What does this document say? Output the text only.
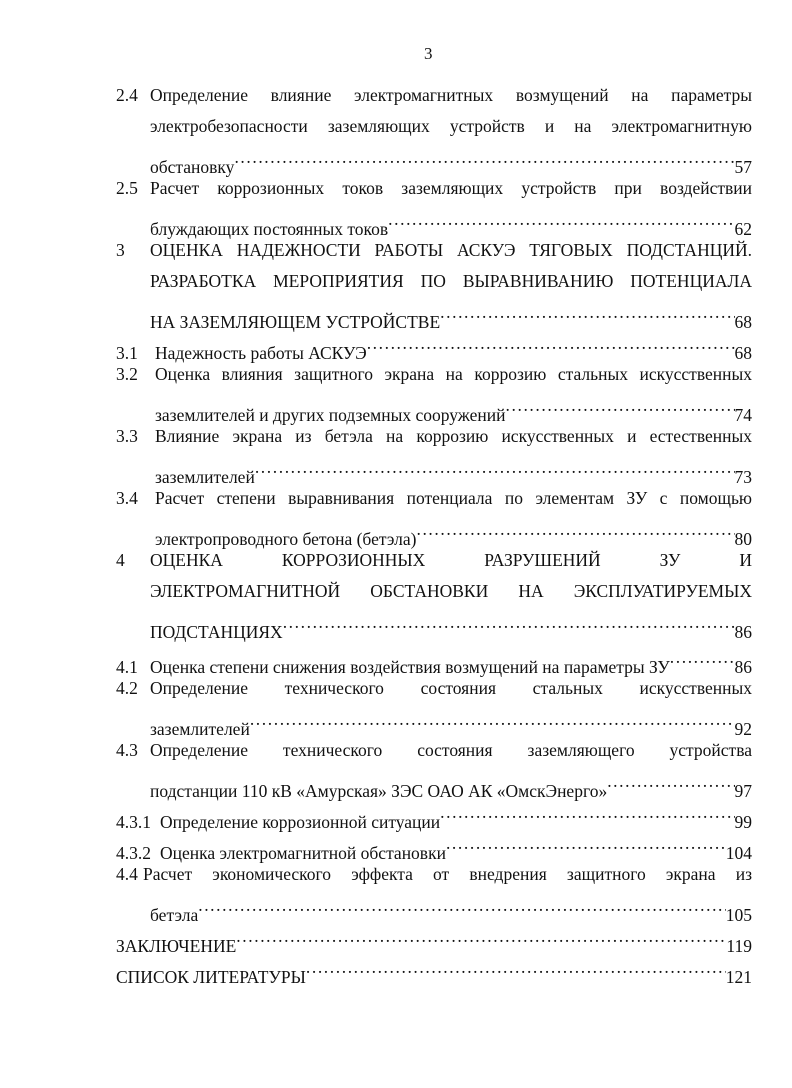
3
2.4 Определение влияние электромагнитных возмущений на параметры
электробезопасности заземляющих устройств и на электромагнитную
обстановку .....	57
2.5 Расчет коррозионных токов заземляющих устройств при воздействии
блуждающих постоянных токов .....	62
3	ОЦЕНКА НАДЕЖНОСТИ РАБОТЫ АСКУЭ ТЯГОВЫХ ПОДСТАНЦИЙ.
РАЗРАБОТКА МЕРОПРИЯТИЯ ПО ВЫРАВНИВАНИЮ ПОТЕНЦИАЛА
НА ЗАЗЕМЛЯЮЩЕМ УСТРОЙСТВЕ .....	68
3.1 Надежность работы АСКУЭ .....	68
3.2 Оценка влияния защитного экрана на коррозию стальных искусственных
заземлителей и других подземных сооружений .....	74
3.3 Влияние экрана из бетэла на коррозию искусственных и естественных
заземлителей .....	73
3.4 Расчет степени выравнивания потенциала по элементам ЗУ с помощью
электропроводного бетона (бетэла) .....	80
4	ОЦЕНКА КОРРОЗИОННЫХ РАЗРУШЕНИЙ ЗУ И
ЭЛЕКТРОМАГНИТНОЙ ОБСТАНОВКИ НА ЭКСПЛУАТИРУЕМЫХ
ПОДСТАНЦИЯХ .....	86
4.1 Оценка степени снижения воздействия возмущений на параметры ЗУ .....	86
4.2 Определение технического состояния стальных искусственных
заземлителей .....	92
4.3 Определение технического состояния заземляющего устройства
подстанции 110 кВ «Амурская» ЗЭС ОАО АК «ОмскЭнерго» .....	97
4.3.1 Определение коррозионной ситуации .....	99
4.3.2 Оценка электромагнитной обстановки .....	104
4.4 Расчет экономического эффекта от внедрения защитного экрана из
бетэла .....	105
ЗАКЛЮЧЕНИЕ .....	119
СПИСОК ЛИТЕРАТУРЫ .....	121
